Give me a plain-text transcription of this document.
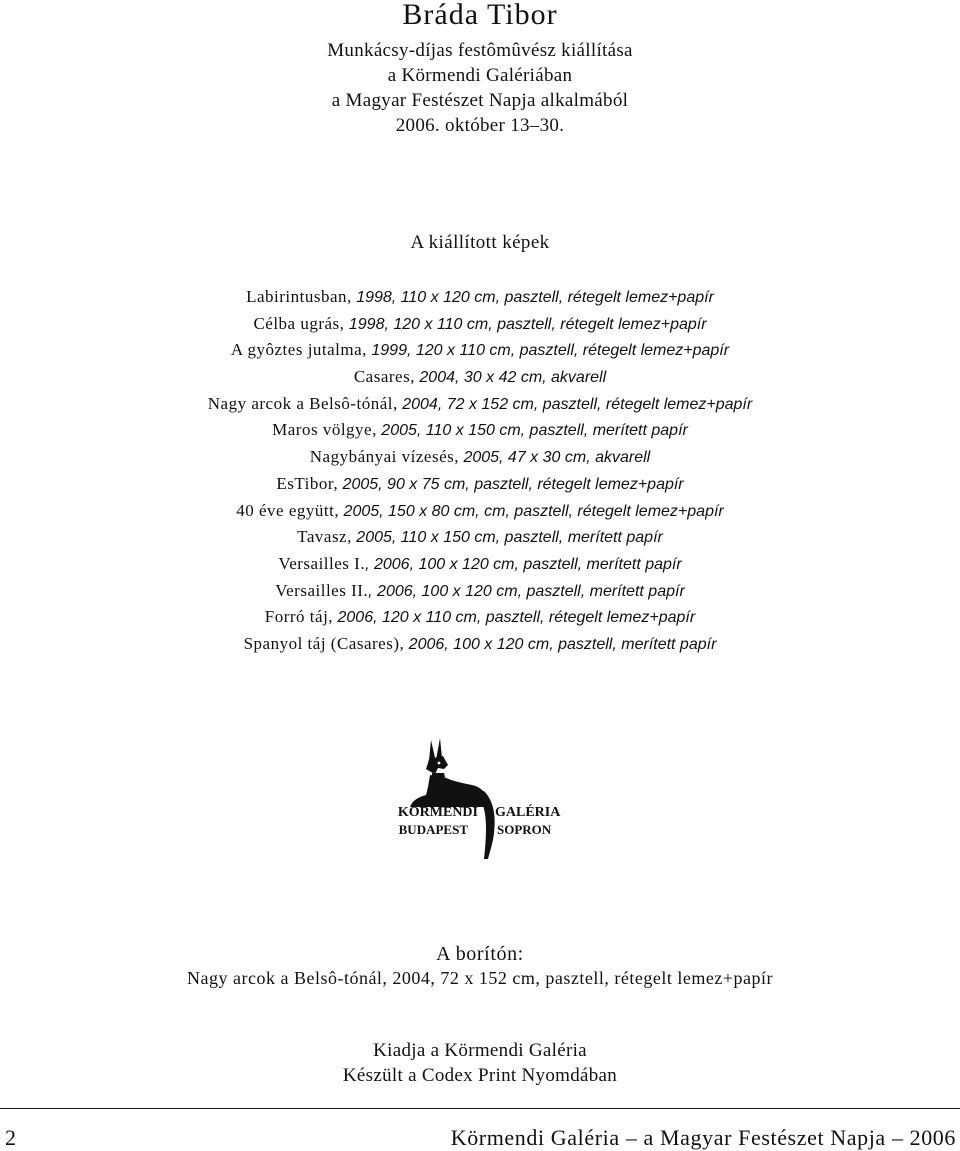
Bráda Tibor
Munkácsy-díjas festômûvész kiállítása
a Körmendi Galériában
a Magyar Festészet Napja alkalmából
2006. október 13–30.
A kiállított képek
Labirintusban, 1998, 110 x 120 cm, pasztell, rétegelt lemez+papír
Célba ugrás, 1998, 120 x 110 cm, pasztell, rétegelt lemez+papír
A gyôztes jutalma, 1999, 120 x 110 cm, pasztell, rétegelt lemez+papír
Casares, 2004, 30 x 42 cm, akvarell
Nagy arcok a Belsô-tónál, 2004, 72 x 152 cm, pasztell, rétegelt lemez+papír
Maros völgye, 2005, 110 x 150 cm, pasztell, merített papír
Nagybányai vízesés, 2005, 47 x 30 cm, akvarell
EsTibor, 2005, 90 x 75 cm, pasztell, rétegelt lemez+papír
40 éve együtt, 2005, 150 x 80 cm, cm, pasztell, rétegelt lemez+papír
Tavasz, 2005, 110 x 150 cm, pasztell, merített papír
Versailles I., 2006, 100 x 120 cm, pasztell, merített papír
Versailles II., 2006, 100 x 120 cm, pasztell, merített papír
Forró táj, 2006, 120 x 110 cm, pasztell, rétegelt lemez+papír
Spanyol táj (Casares), 2006, 100 x 120 cm, pasztell, merített papír
KÖRMENDI GALÉRIA
BUDAPEST SOPRON
A borítón:
Nagy arcok a Belsô-tónál, 2004, 72 x 152 cm, pasztell, rétegelt lemez+papír
Kiadja a Körmendi Galéria
Készült a Codex Print Nyomdában
2	Körmendi Galéria – a Magyar Festészet Napja – 2006
